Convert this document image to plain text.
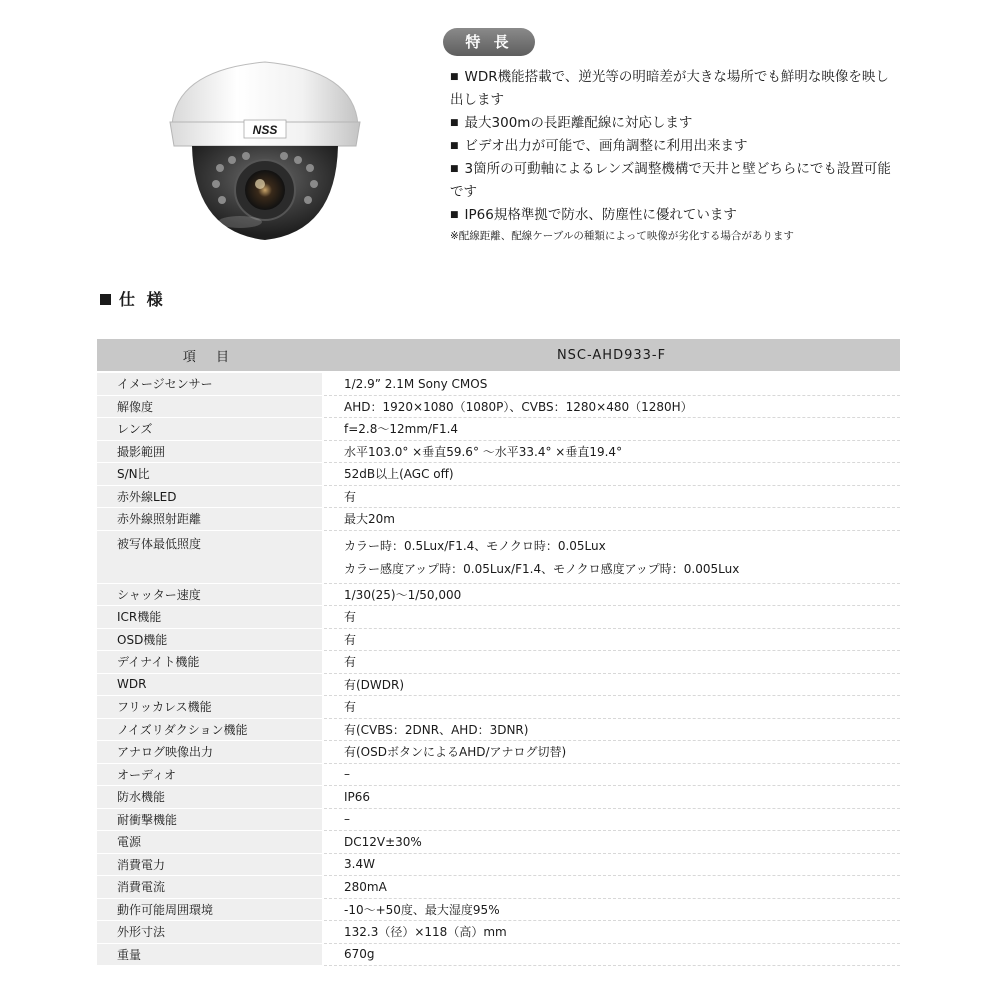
NSS
特 長
■ WDR機能搭載で、逆光等の明暗差が大きな場所でも鮮明な映像を映し出します
■ 最大300mの長距離配線に対応します
■ ビデオ出力が可能で、画角調整に利用出来ます
■ 3箇所の可動軸によるレンズ調整機構で天井と壁どちらにでも設置可能です
■ IP66規格準拠で防水、防塵性に優れています
※配線距離、配線ケーブルの種類によって映像が劣化する場合があります
仕 様
項 目	NSC-AHD933-F
イメージセンサー	1/2.9” 2.1M Sony CMOS
解像度	AHD：1920×1080（1080P）、CVBS：1280×480（1280H）
レンズ	f=2.8〜12mm/F1.4
撮影範囲	水平103.0° ×垂直59.6° 〜水平33.4° ×垂直19.4°
S/N比	52dB以上(AGC off)
赤外線LED	有
赤外線照射距離	最大20m
被写体最低照度	カラー時：0.5Lux/F1.4、モノクロ時：0.05Lux
カラー感度アップ時：0.05Lux/F1.4、モノクロ感度アップ時：0.005Lux

シャッター速度	1/30(25)〜1/50,000
ICR機能	有
OSD機能	有
デイナイト機能	有
WDR	有(DWDR)
フリッカレス機能	有
ノイズリダクション機能	有(CVBS：2DNR、AHD：3DNR)
アナログ映像出力	有(OSDボタンによるAHD/アナログ切替)
オーディオ	–
防水機能	IP66
耐衝撃機能	–
電源	DC12V±30%
消費電力	3.4W
消費電流	280mA
動作可能周囲環境	-10〜+50度、最大湿度95%
外形寸法	132.3（径）×118（高）mm
重量	670g
